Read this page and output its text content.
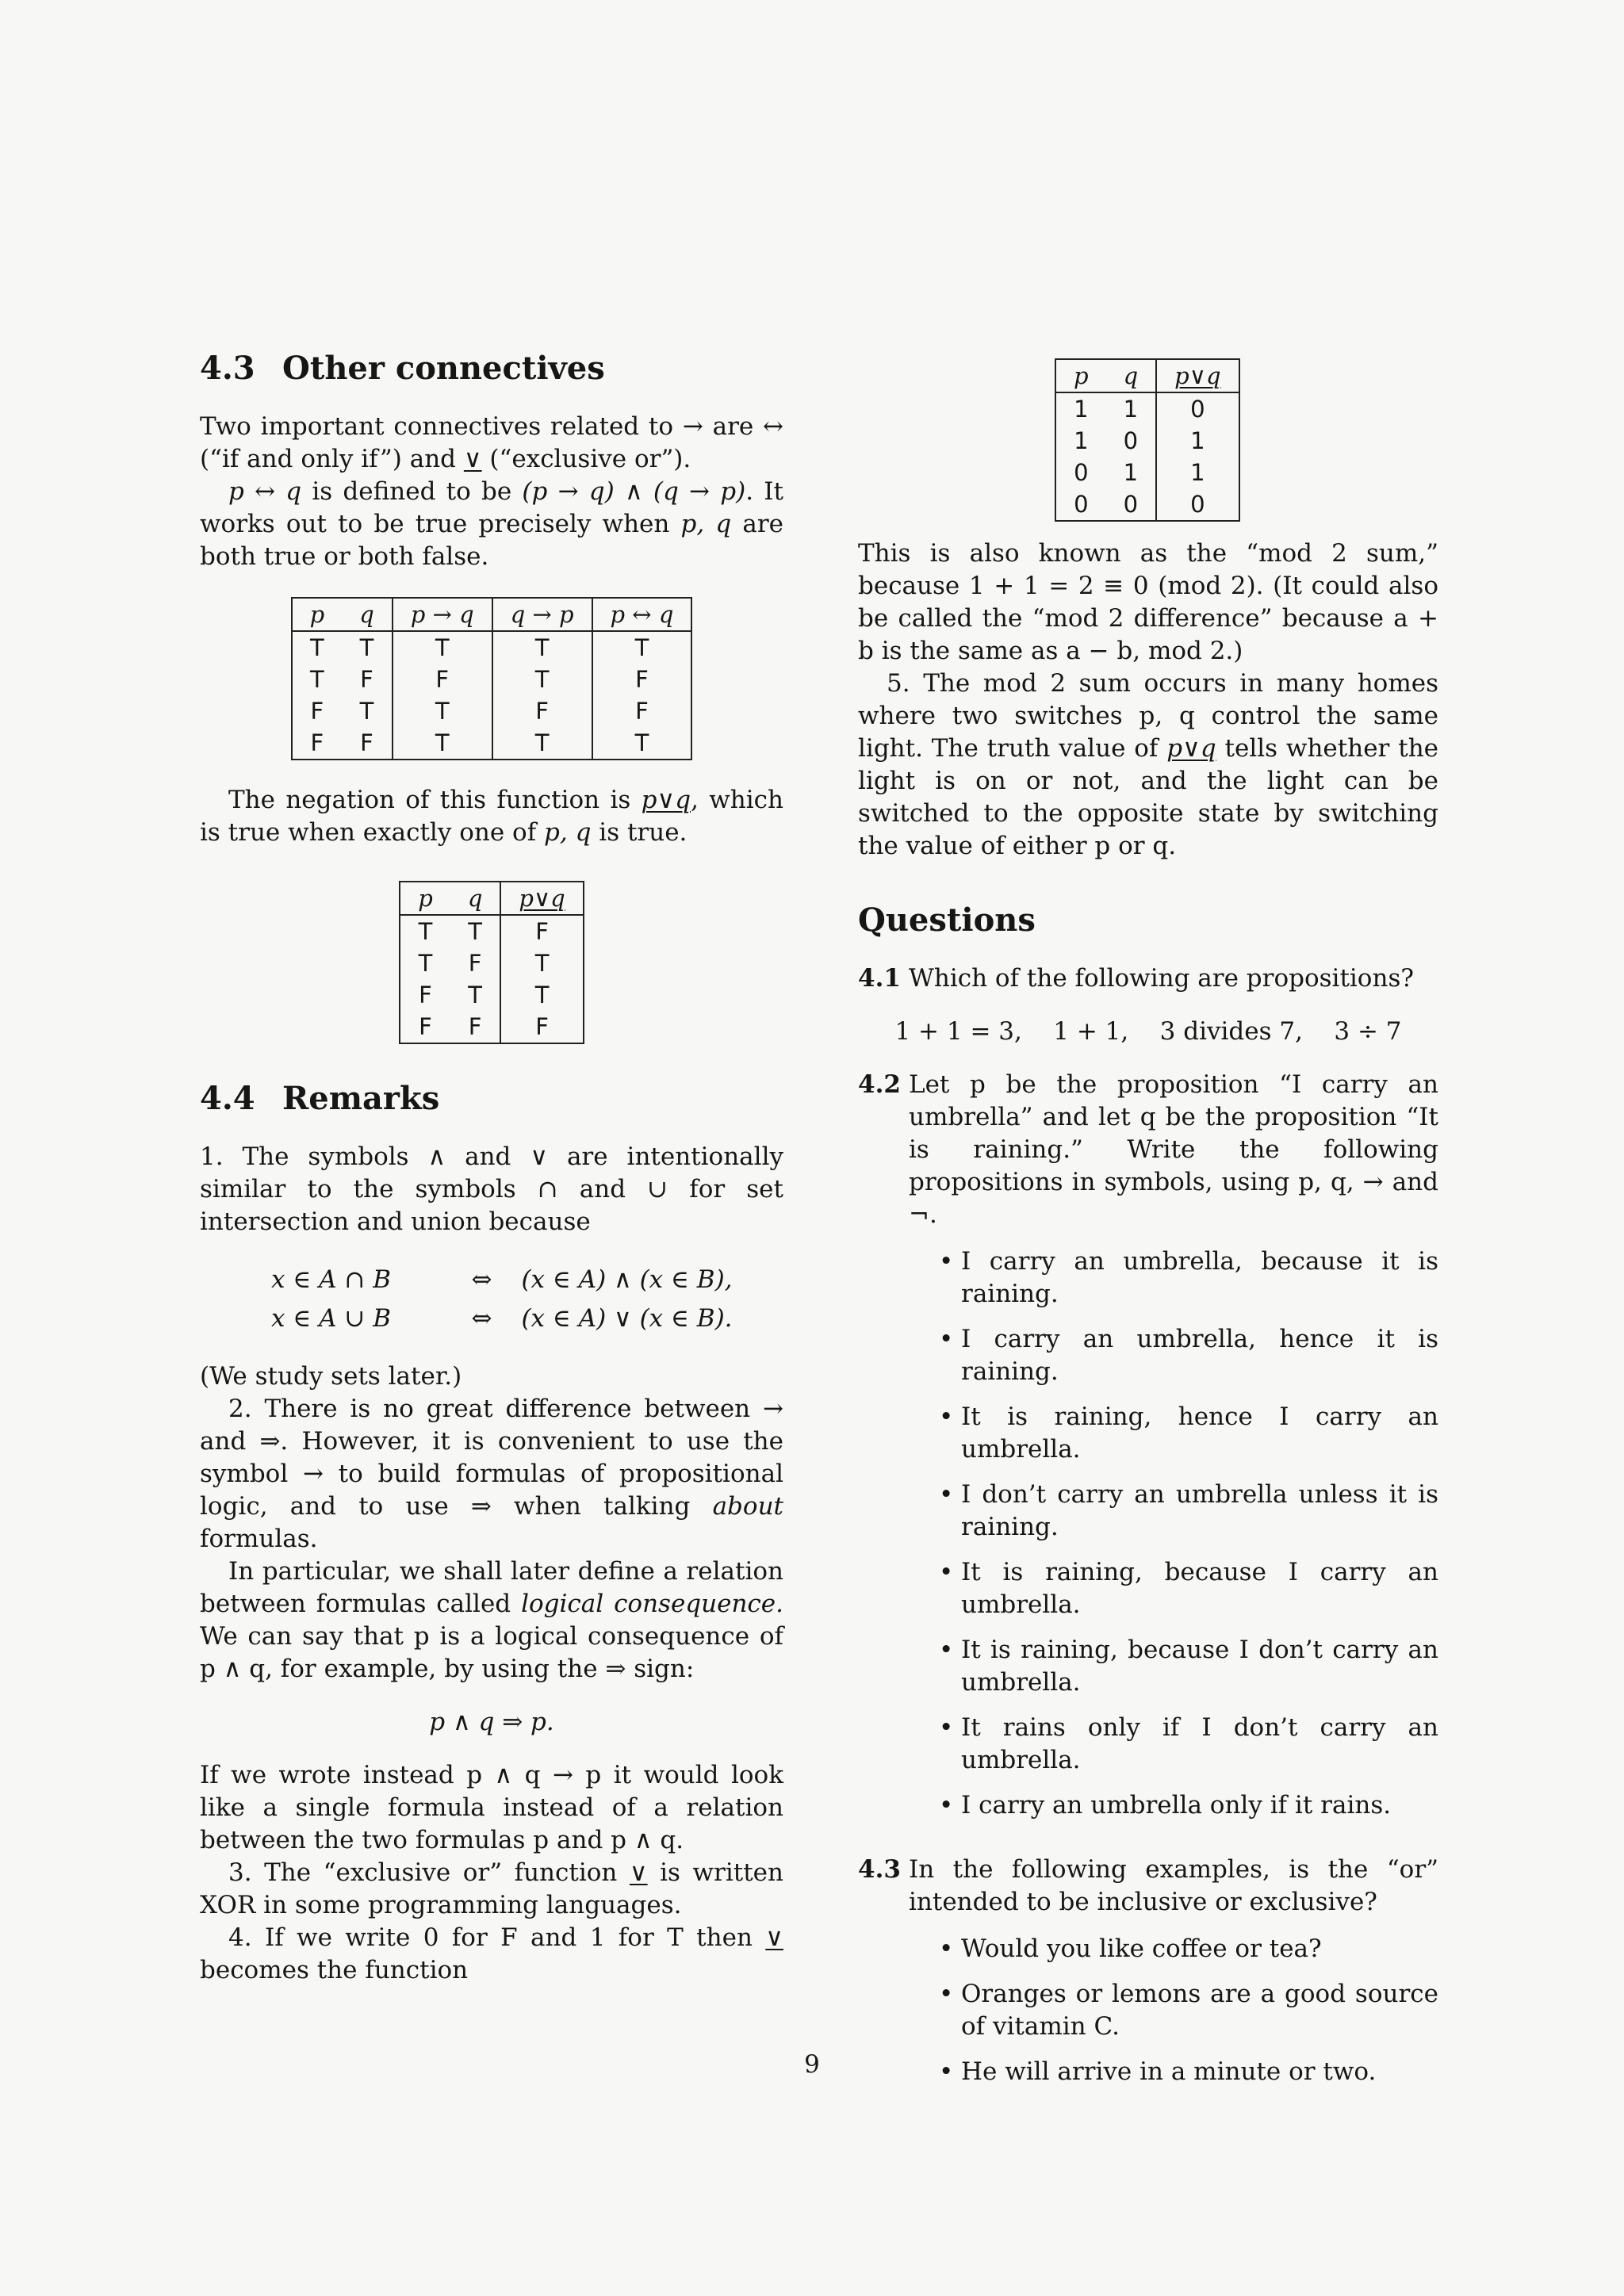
4.3 Other connectives

Two important connectives related to → are ↔ (“if and only if”) and ∨ (“exclusive or”).

p ↔ q is defined to be (p → q) ∧ (q → p). It works out to be true precisely when p, q are both true or both false.

p	q	p → q	q → p	p ↔ q
T	T	T	T	T
T	F	F	T	F
F	T	T	F	F
F	F	T	T	T

The negation of this function is p∨q, which is true when exactly one of p, q is true.

p	q	p∨q
T	T	F
T	F	T
F	T	T
F	F	F
4.4 Remarks

1. The symbols ∧ and ∨ are intentionally similar to the symbols ∩ and ∪ for set intersection and union because

x ∈ A ∩ B	⇔	(x ∈ A) ∧ (x ∈ B),
x ∈ A ∪ B	⇔	(x ∈ A) ∨ (x ∈ B).

(We study sets later.)

2. There is no great difference between → and ⇒. However, it is convenient to use the symbol → to build formulas of propositional logic, and to use ⇒ when talking about formulas.

In particular, we shall later define a relation between formulas called logical consequence. We can say that p is a logical consequence of p ∧ q, for example, by using the ⇒ sign:

p ∧ q ⇒ p.

If we wrote instead p ∧ q → p it would look like a single formula instead of a relation between the two formulas p and p ∧ q.

3. The “exclusive or” function ∨ is written XOR in some programming languages.

4. If we write 0 for F and 1 for T then ∨ becomes the function

p	q	p∨q
1	1	0
1	0	1
0	1	1
0	0	0

This is also known as the “mod 2 sum,” because 1 + 1 = 2 ≡ 0 (mod 2). (It could also be called the “mod 2 difference” because a + b is the same as a − b, mod 2.)

5. The mod 2 sum occurs in many homes where two switches p, q control the same light. The truth value of p∨q tells whether the light is on or not, and the light can be switched to the opposite state by switching the value of either p or q.

Questions
4.1 Which of the following are propositions?
1 + 1 = 3,    1 + 1,    3 divides 7,    3 ÷ 7
4.2 Let p be the proposition “I carry an umbrella” and let q be the proposition “It is raining.” Write the following propositions in symbols, using p, q, → and ¬.

• I carry an umbrella, because it is raining.
• I carry an umbrella, hence it is raining.
• It is raining, hence I carry an umbrella.
• I don’t carry an umbrella unless it is raining.
• It is raining, because I carry an umbrella.
• It is raining, because I don’t carry an umbrella.
• It rains only if I don’t carry an umbrella.
• I carry an umbrella only if it rains.
4.3 In the following examples, is the “or” intended to be inclusive or exclusive?

• Would you like coffee or tea?
• Oranges or lemons are a good source of vitamin C.
• He will arrive in a minute or two.
9
